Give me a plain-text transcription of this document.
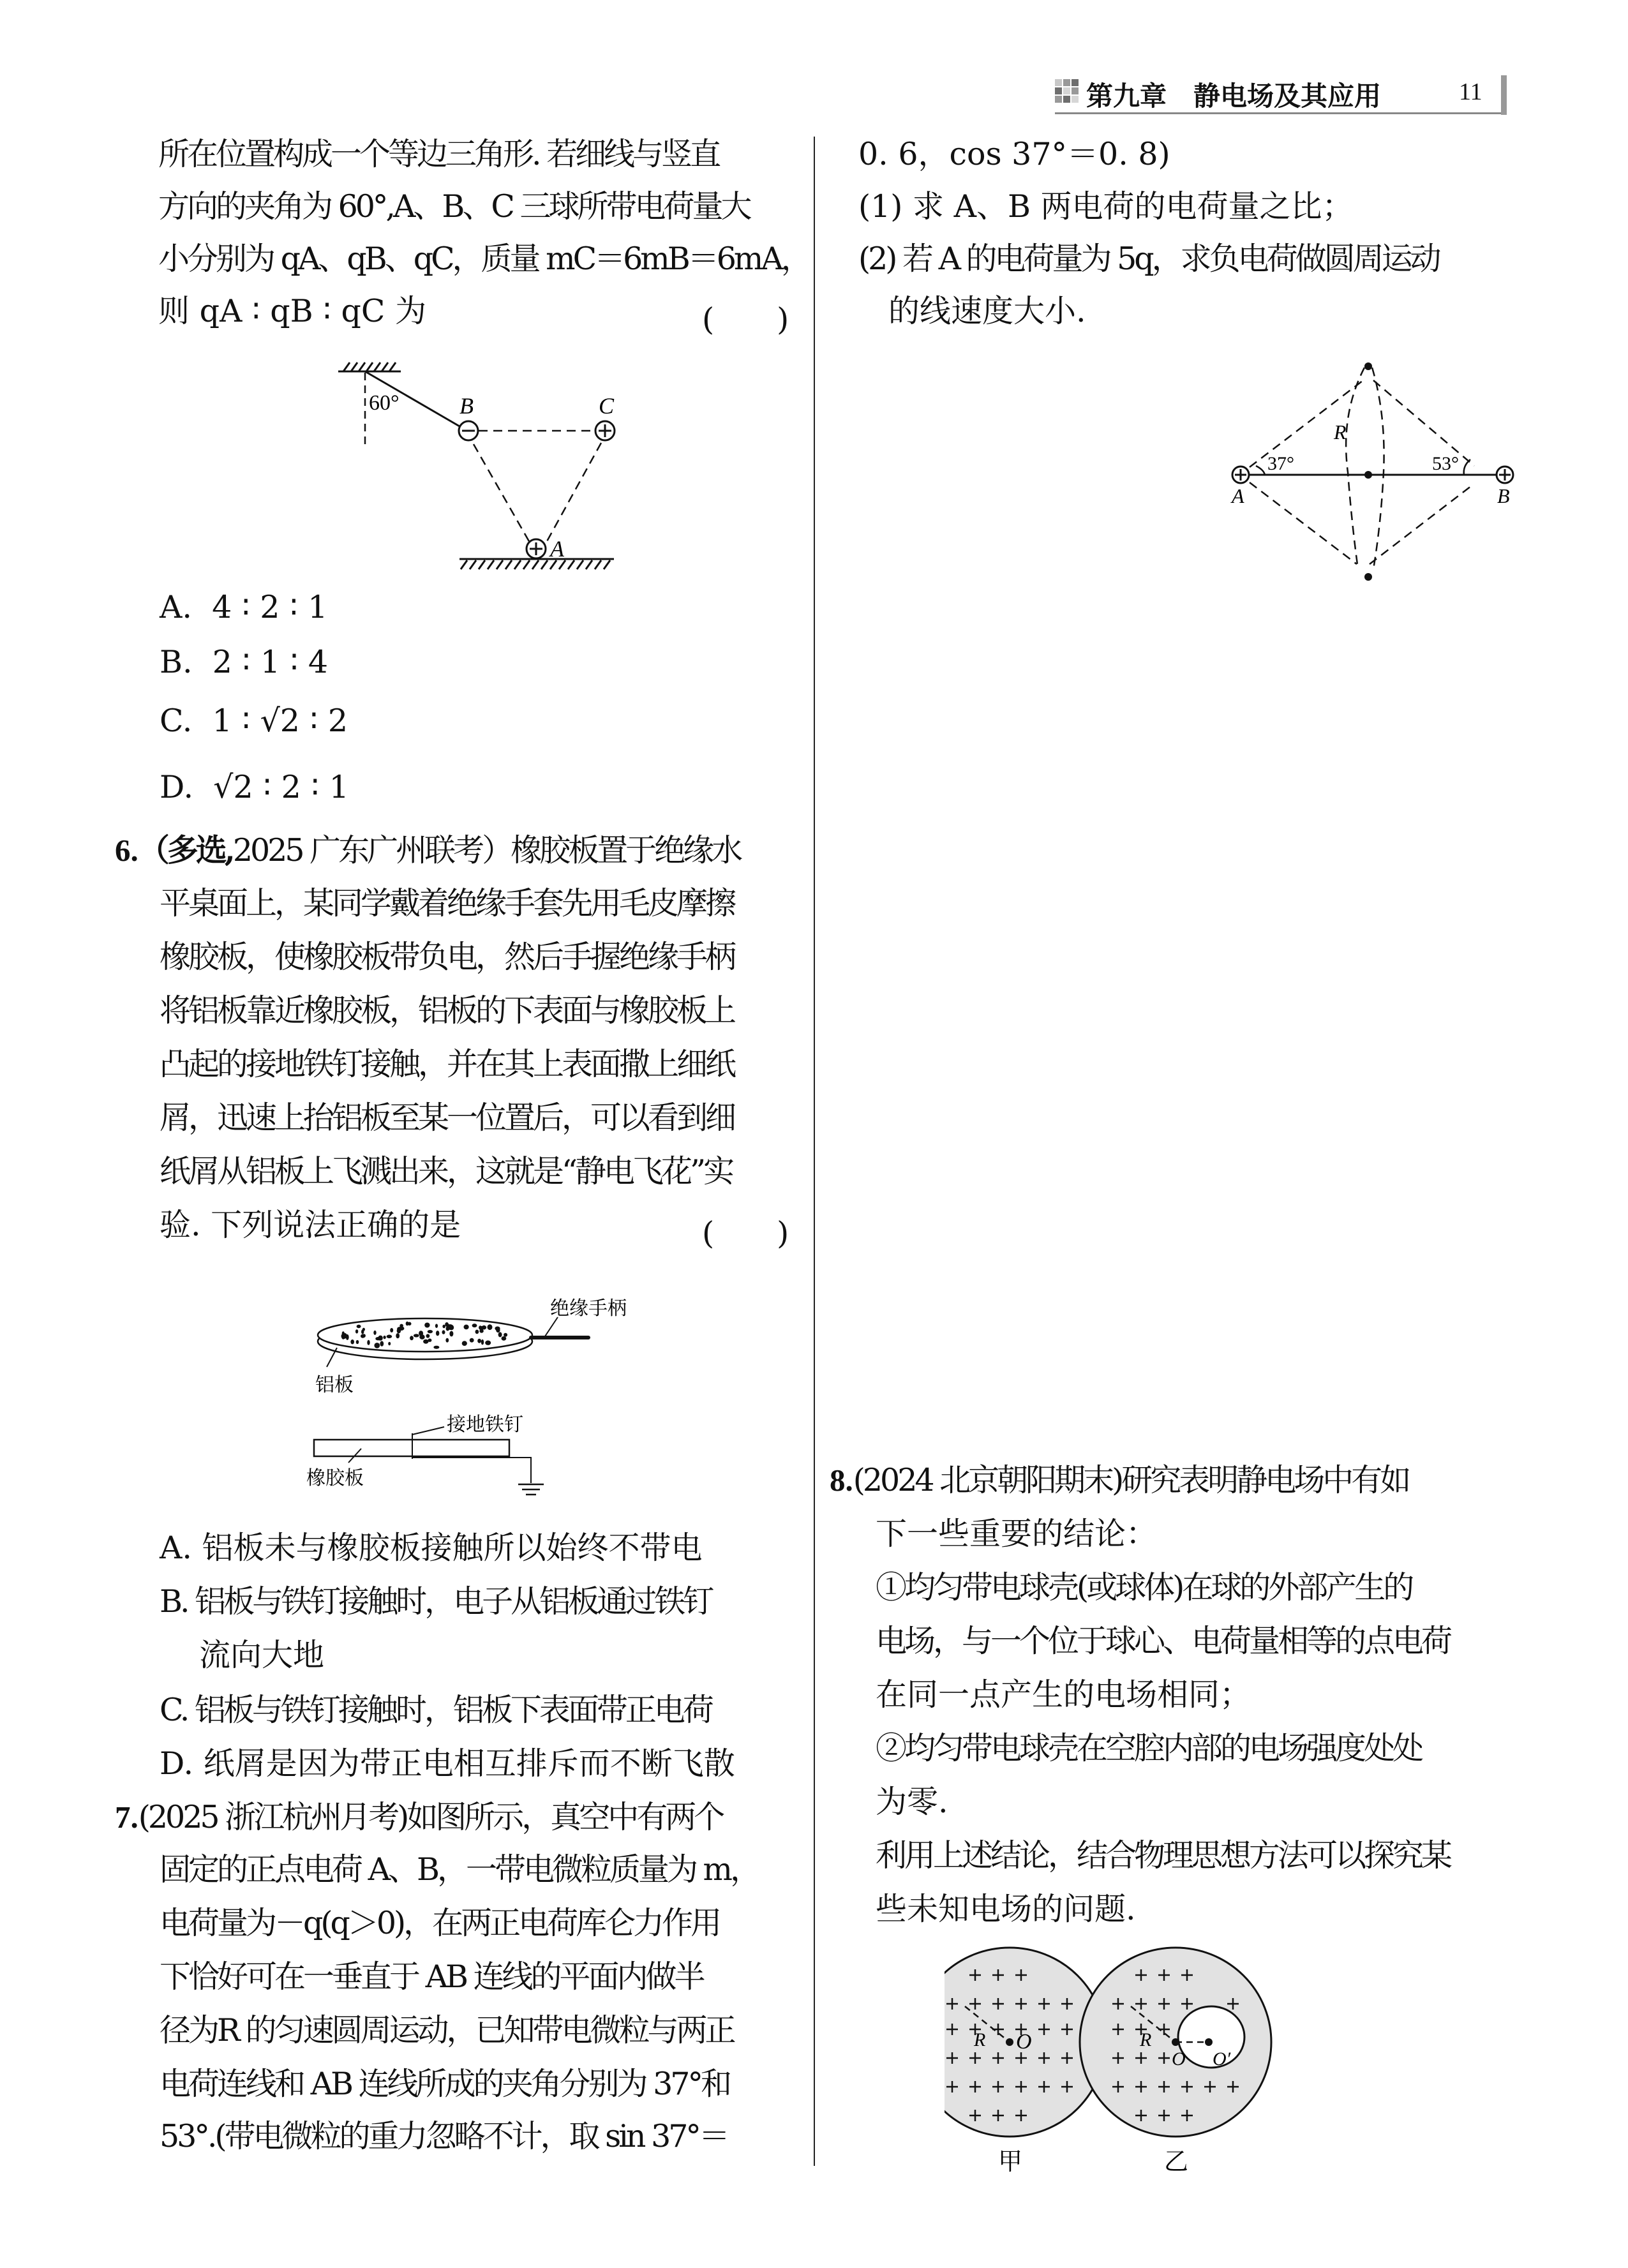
第九章　 静电场及其应用	11
所在位置构成一个等边三角形. 若细线与竖直
方向的夹角为 60°,A、B、C 三球所带电荷量大
小分别为 qA、qB、qC，质量 mC＝6mB＝6mA，
则 qA ∶ qB ∶ qC 为	(　　)
60°	B	C
A
A. 4 ∶ 2 ∶ 1
B. 2 ∶ 1 ∶ 4
C. 1 ∶ √2 ∶ 2
D. √2 ∶ 2 ∶ 1
6.（多选,2025 广东广州联考）橡胶板置于绝缘水
平桌面上，某同学戴着绝缘手套先用毛皮摩擦
橡胶板，使橡胶板带负电，然后手握绝缘手柄
将铝板靠近橡胶板，铝板的下表面与橡胶板上
凸起的接地铁钉接触，并在其上表面撒上细纸
屑，迅速上抬铝板至某一位置后，可以看到细
纸屑从铝板上飞溅出来，这就是“静电飞花”实
验. 下列说法正确的是	(　　)
绝缘手柄
铝板
接地铁钉
橡胶板
A. 铝板未与橡胶板接触所以始终不带电
B. 铝板与铁钉接触时，电子从铝板通过铁钉
流向大地
C. 铝板与铁钉接触时，铝板下表面带正电荷
D. 纸屑是因为带正电相互排斥而不断飞散
7.(2025 浙江杭州月考)如图所示，真空中有两个
固定的正点电荷 A、B，一带电微粒质量为 m，
电荷量为－q(q＞0)，在两正电荷库仑力作用
下恰好可在一垂直于 AB 连线的平面内做半
径为R 的匀速圆周运动，已知带电微粒与两正
电荷连线和 AB 连线所成的夹角分别为 37°和
53°.(带电微粒的重力忽略不计，取 sin 37°＝
0. 6，cos 37°＝0. 8)
(1) 求 A、B 两电荷的电荷量之比；
(2) 若 A 的电荷量为 5q，求负电荷做圆周运动
的线速度大小.
37°	53°
R
A	B
8.(2024 北京朝阳期末)研究表明静电场中有如
下一些重要的结论：
①均匀带电球壳(或球体)在球的外部产生的
电场，与一个位于球心、电荷量相等的点电荷
在同一点产生的电场相同；
②均匀带电球壳在空腔内部的电场强度处处
为零.
利用上述结论，结合物理思想方法可以探究某
些未知电场的问题.
R O
甲
R
O O′
乙
